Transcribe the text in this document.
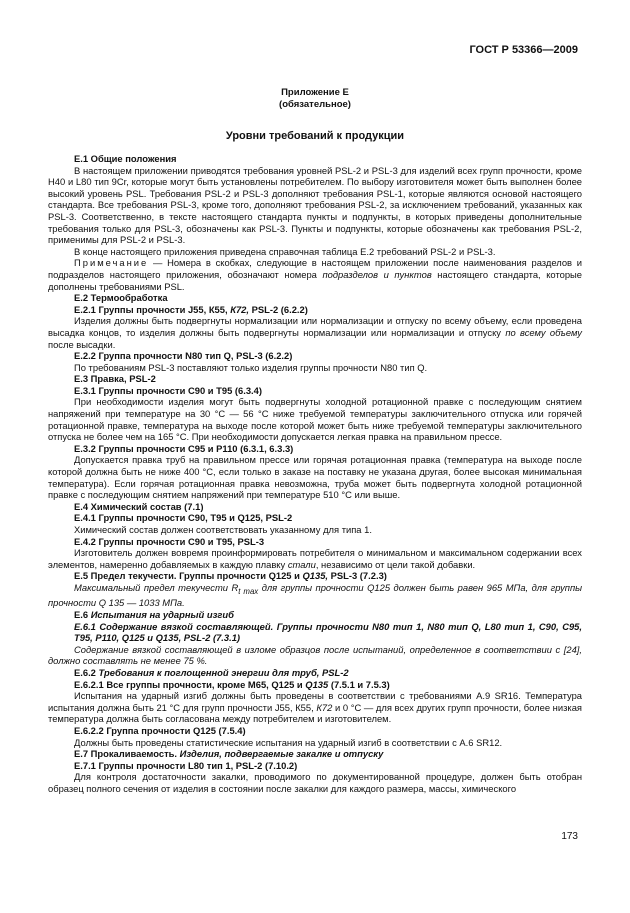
ГОСТ Р 53366—2009
Приложение Е
(обязательное)
Уровни требований к продукции

Е.1 Общие положения

В настоящем приложении приводятся требования уровней PSL-2 и PSL-3 для изделий всех групп прочности, кроме Н40 и L80 тип 9Cr, которые могут быть установлены потребителем. По выбору изготовителя может быть выполнен более высокий уровень PSL. Требования PSL-2 и PSL-3 дополняют требования PSL-1, которые являются основой настоящего стандарта. Все требования PSL-3, кроме того, дополняют требования PSL-2, за исключением требований, указанных как PSL-3. Соответственно, в тексте настоящего стандарта пункты и подпункты, в которых приведены дополнительные требования только для PSL-3, обозначены как PSL-3. Пункты и подпункты, которые обозначены как требования PSL-2, применимы для PSL-2 и PSL-3.

В конце настоящего приложения приведена справочная таблица Е.2 требований PSL-2 и PSL-3.

Примечание — Номера в скобках, следующие в настоящем приложении после наименования разделов и подразделов настоящего приложения, обозначают номера подразделов и пунктов настоящего стандарта, которые дополнены требованиями PSL.

Е.2 Термообработка

Е.2.1 Группы прочности J55, К55, К72, PSL-2 (6.2.2)

Изделия должны быть подвергнуты нормализации или нормализации и отпуску по всему объему, если проведена высадка концов, то изделия должны быть подвергнуты нормализации или нормализации и отпуску по всему объему после высадки.

Е.2.2 Группа прочности N80 тип Q, PSL-3 (6.2.2)

По требованиям PSL-3 поставляют только изделия группы прочности N80 тип Q.

Е.3 Правка, PSL-2

Е.3.1 Группы прочности С90 и Т95 (6.3.4)

При необходимости изделия могут быть подвергнуты холодной ротационной правке с последующим снятием напряжений при температуре на 30 °С — 56 °С ниже требуемой температуры заключительного отпуска или горячей ротационной правке, температура на выходе после которой может быть ниже требуемой температуры заключительного отпуска не более чем на 165 °С. При необходимости допускается легкая правка на правильном прессе.

Е.3.2 Группы прочности С95 и Р110 (6.3.1, 6.3.3)

Допускается правка труб на правильном прессе или горячая ротационная правка (температура на выходе после которой должна быть не ниже 400 °С, если только в заказе на поставку не указана другая, более высокая минимальная температура). Если горячая ротационная правка невозможна, труба может быть подвергнута холодной ротационной правке с последующим снятием напряжений при температуре 510 °С или выше.

Е.4 Химический состав (7.1)

Е.4.1 Группы прочности С90, Т95 и Q125, PSL-2

Химический состав должен соответствовать указанному для типа 1.

Е.4.2 Группы прочности С90 и Т95, PSL-3

Изготовитель должен вовремя проинформировать потребителя о минимальном и максимальном содержании всех элементов, намеренно добавляемых в каждую плавку стали, независимо от цели такой добавки.

Е.5 Предел текучести. Группы прочности Q125 и Q135, PSL-3 (7.2.3)

Максимальный предел текучести $R_{t max}$ для группы прочности Q125 должен быть равен 965 МПа, для группы прочности Q 135 — 1033 МПа.

Е.6 Испытания на ударный изгиб

Е.6.1 Содержание вязкой составляющей. Группы прочности N80 тип 1, N80 тип Q, L80 тип 1, С90, С95, Т95, Р110, Q125 и Q135, PSL-2 (7.3.1)

Содержание вязкой составляющей в изломе образцов после испытаний, определенное в соответствии с [24], должно составлять не менее 75 %.

Е.6.2 Требования к поглощенной энергии для труб, PSL-2

Е.6.2.1 Все группы прочности, кроме М65, Q125 и Q135 (7.5.1 и 7.5.3)

Испытания на ударный изгиб должны быть проведены в соответствии с требованиями А.9 SR16. Температура испытания должна быть 21 °С для групп прочности J55, К55, К72 и 0 °С — для всех других групп прочности, более низкая температура должна быть согласована между потребителем и изготовителем.

Е.6.2.2 Группа прочности Q125 (7.5.4)

Должны быть проведены статистические испытания на ударный изгиб в соответствии с А.6 SR12.

Е.7 Прокаливаемость. Изделия, подвергаемые закалке и отпуску

Е.7.1 Группы прочности L80 тип 1, PSL-2 (7.10.2)

Для контроля достаточности закалки, проводимого по документированной процедуре, должен быть отобран образец полного сечения от изделия в состоянии после закалки для каждого размера, массы, химического

173
